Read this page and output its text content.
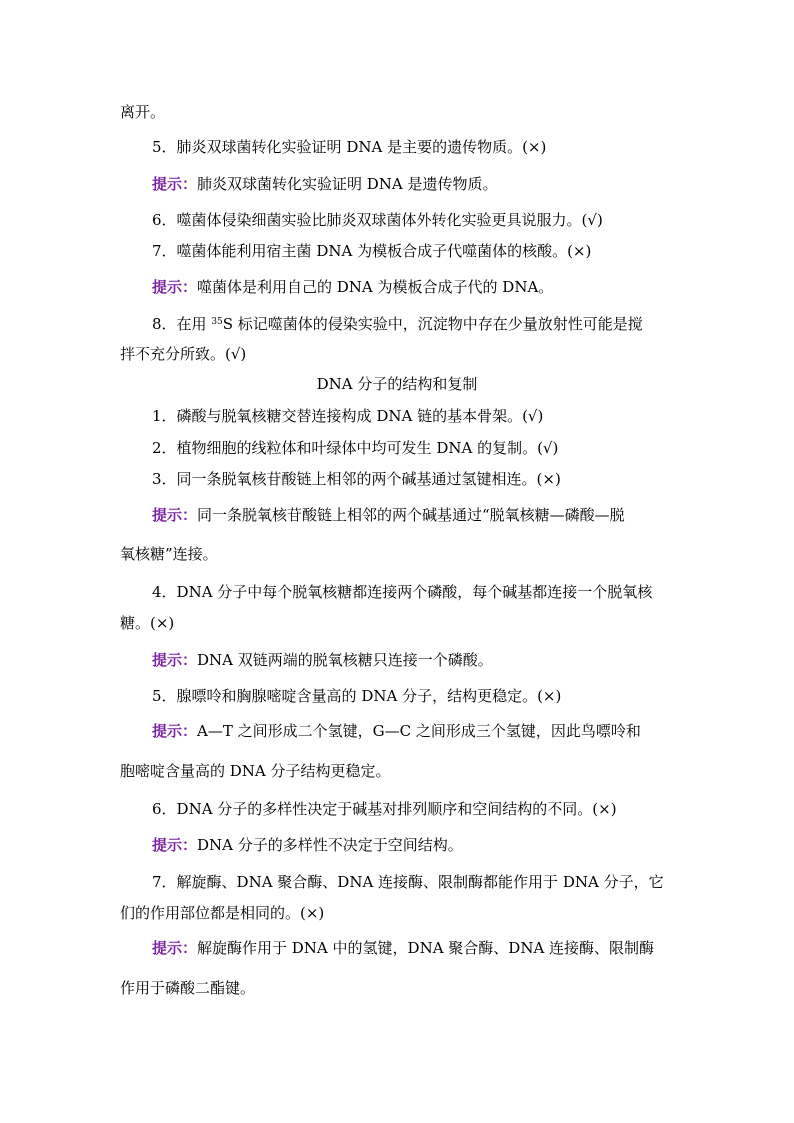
离开。
5．肺炎双球菌转化实验证明 DNA 是主要的遗传物质。(×)
提示：肺炎双球菌转化实验证明 DNA 是遗传物质。
6．噬菌体侵染细菌实验比肺炎双球菌体外转化实验更具说服力。(√)
7．噬菌体能利用宿主菌 DNA 为模板合成子代噬菌体的核酸。(×)
提示：噬菌体是利用自己的 DNA 为模板合成子代的 DNA。
8．在用 $^{35}$S 标记噬菌体的侵染实验中，沉淀物中存在少量放射性可能是搅
拌不充分所致。(√)
DNA 分子的结构和复制
1．磷酸与脱氧核糖交替连接构成 DNA 链的基本骨架。(√)
2．植物细胞的线粒体和叶绿体中均可发生 DNA 的复制。(√)
3．同一条脱氧核苷酸链上相邻的两个碱基通过氢键相连。(×)
提示：同一条脱氧核苷酸链上相邻的两个碱基通过“脱氧核糖—磷酸—脱
氧核糖”连接。
4．DNA 分子中每个脱氧核糖都连接两个磷酸，每个碱基都连接一个脱氧核
糖。(×)
提示：DNA 双链两端的脱氧核糖只连接一个磷酸。
5．腺嘌呤和胸腺嘧啶含量高的 DNA 分子，结构更稳定。(×)
提示：A—T 之间形成二个氢键，G—C 之间形成三个氢键，因此鸟嘌呤和
胞嘧啶含量高的 DNA 分子结构更稳定。
6．DNA 分子的多样性决定于碱基对排列顺序和空间结构的不同。(×)
提示：DNA 分子的多样性不决定于空间结构。
7．解旋酶、DNA 聚合酶、DNA 连接酶、限制酶都能作用于 DNA 分子，它
们的作用部位都是相同的。(×)
提示：解旋酶作用于 DNA 中的氢键，DNA 聚合酶、DNA 连接酶、限制酶
作用于磷酸二酯键。
